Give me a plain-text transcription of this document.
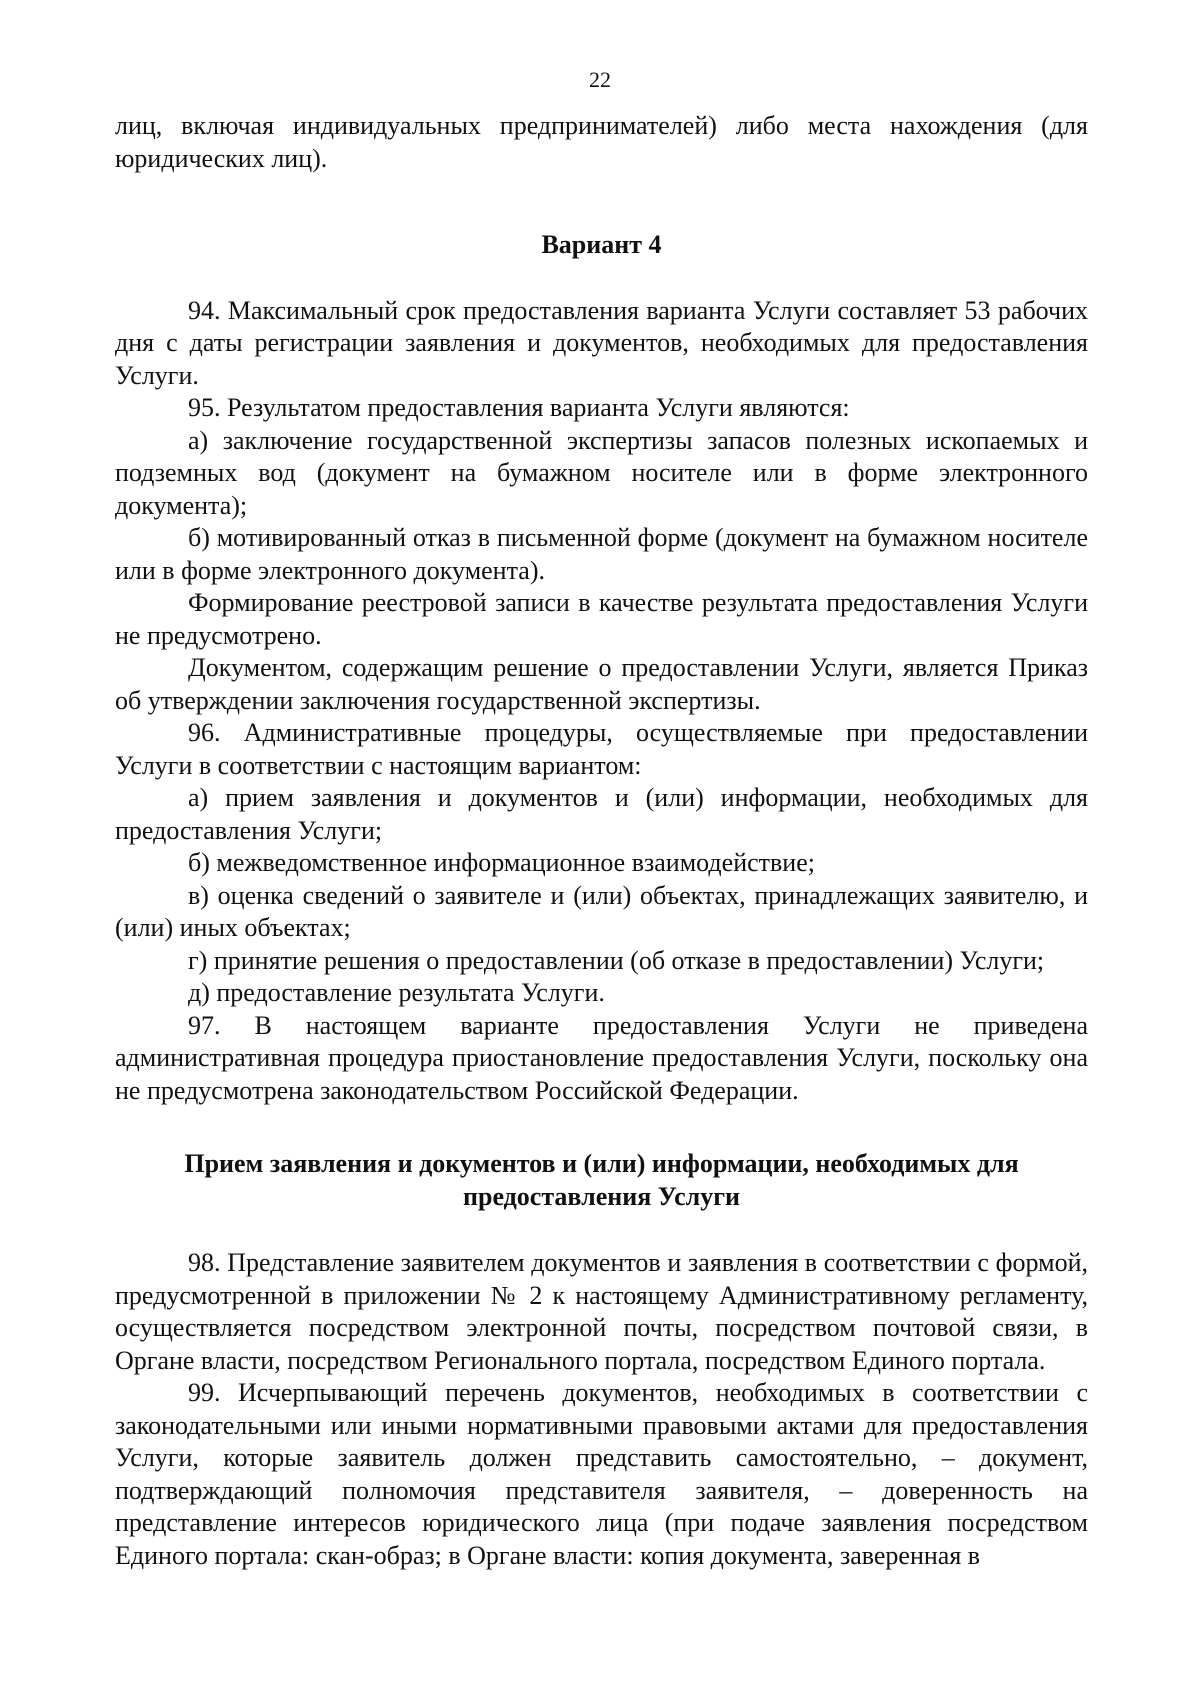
22

лиц, включая индивидуальных предпринимателей) либо места нахождения (для юридических лиц).

Вариант 4

94. Максимальный срок предоставления варианта Услуги составляет 53 рабочих дня с даты регистрации заявления и документов, необходимых для предоставления Услуги.

95. Результатом предоставления варианта Услуги являются:

а) заключение государственной экспертизы запасов полезных ископаемых и подземных вод (документ на бумажном носителе или в форме электронного документа);

б) мотивированный отказ в письменной форме (документ на бумажном носителе или в форме электронного документа).

Формирование реестровой записи в качестве результата предоставления Услуги не предусмотрено.

Документом, содержащим решение о предоставлении Услуги, является Приказ об утверждении заключения государственной экспертизы.

96. Административные процедуры, осуществляемые при предоставлении Услуги в соответствии с настоящим вариантом:

а) прием заявления и документов и (или) информации, необходимых для предоставления Услуги;

б) межведомственное информационное взаимодействие;

в) оценка сведений о заявителе и (или) объектах, принадлежащих заявителю, и (или) иных объектах;

г) принятие решения о предоставлении (об отказе в предоставлении) Услуги;

д) предоставление результата Услуги.

97. В настоящем варианте предоставления Услуги не приведена административная процедура приостановление предоставления Услуги, поскольку она не предусмотрена законодательством Российской Федерации.

Прием заявления и документов и (или) информации, необходимых для
предоставления Услуги

98. Представление заявителем документов и заявления в соответствии с формой, предусмотренной в приложении № 2 к настоящему Административному регламенту, осуществляется посредством электронной почты, посредством почтовой связи, в Органе власти, посредством Регионального портала, посредством Единого портала.

99. Исчерпывающий перечень документов, необходимых в соответствии с законодательными или иными нормативными правовыми актами для предоставления Услуги, которые заявитель должен представить самостоятельно, – документ, подтверждающий полномочия представителя заявителя, – доверенность на представление интересов юридического лица (при подаче заявления посредством Единого портала: скан-образ; в Органе власти: копия документа, заверенная в
